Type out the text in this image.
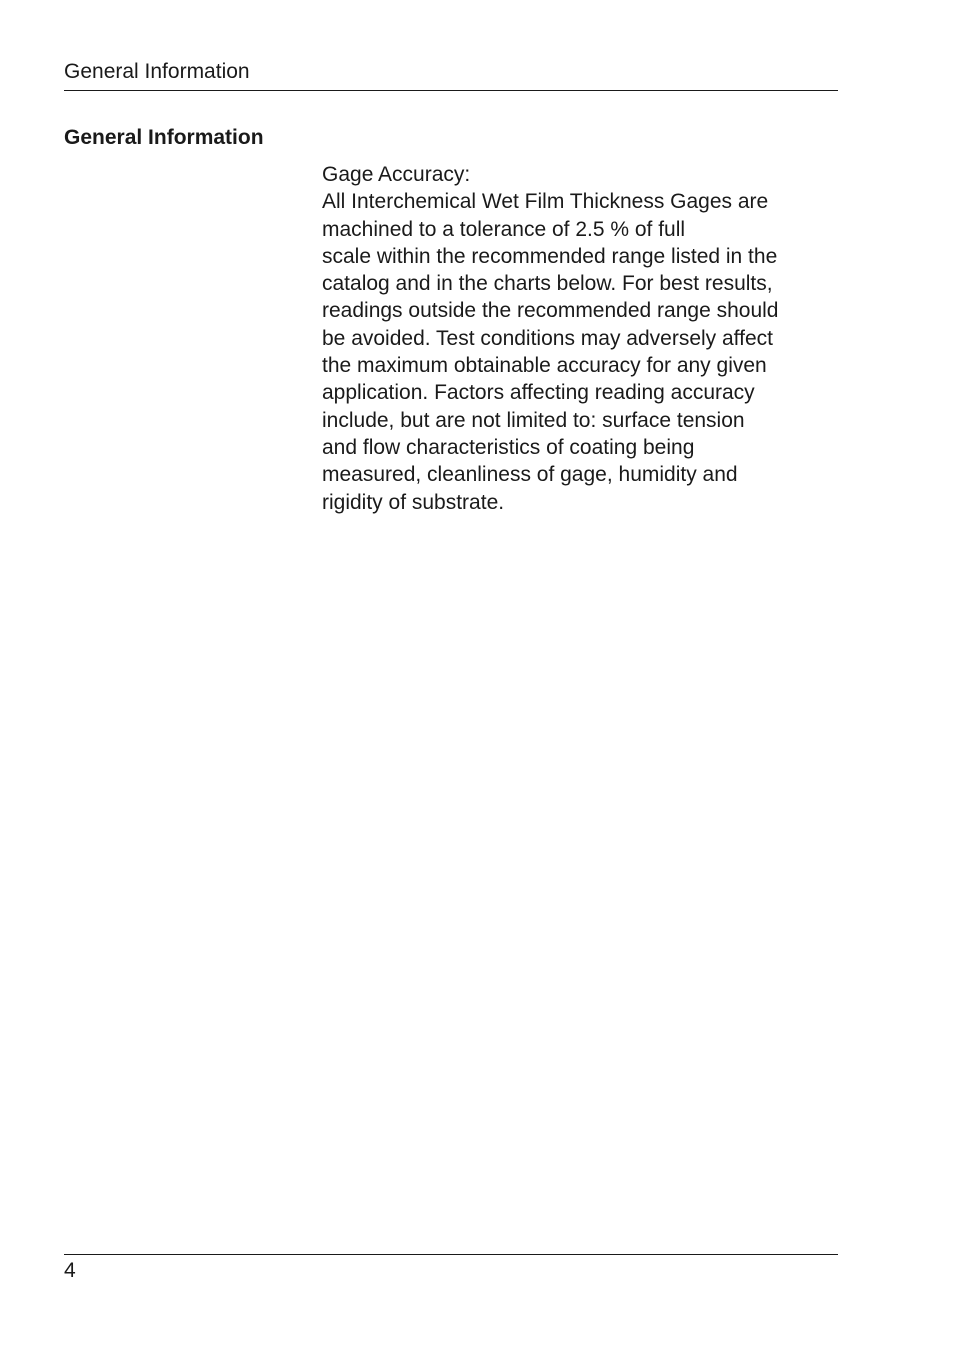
General Information
General Information
Gage Accuracy:
All Interchemical Wet Film Thickness Gages are
machined to a tolerance of 2.5 % of full
scale within the recommended range listed in the
catalog and in the charts below. For best results,
readings outside the recommended range should
be avoided. Test conditions may adversely affect
the maximum obtainable accuracy for any given
application. Factors affecting reading accuracy
include, but are not limited to: surface tension
and flow characteristics of coating being
measured, cleanliness of gage, humidity and
rigidity of substrate.
4
